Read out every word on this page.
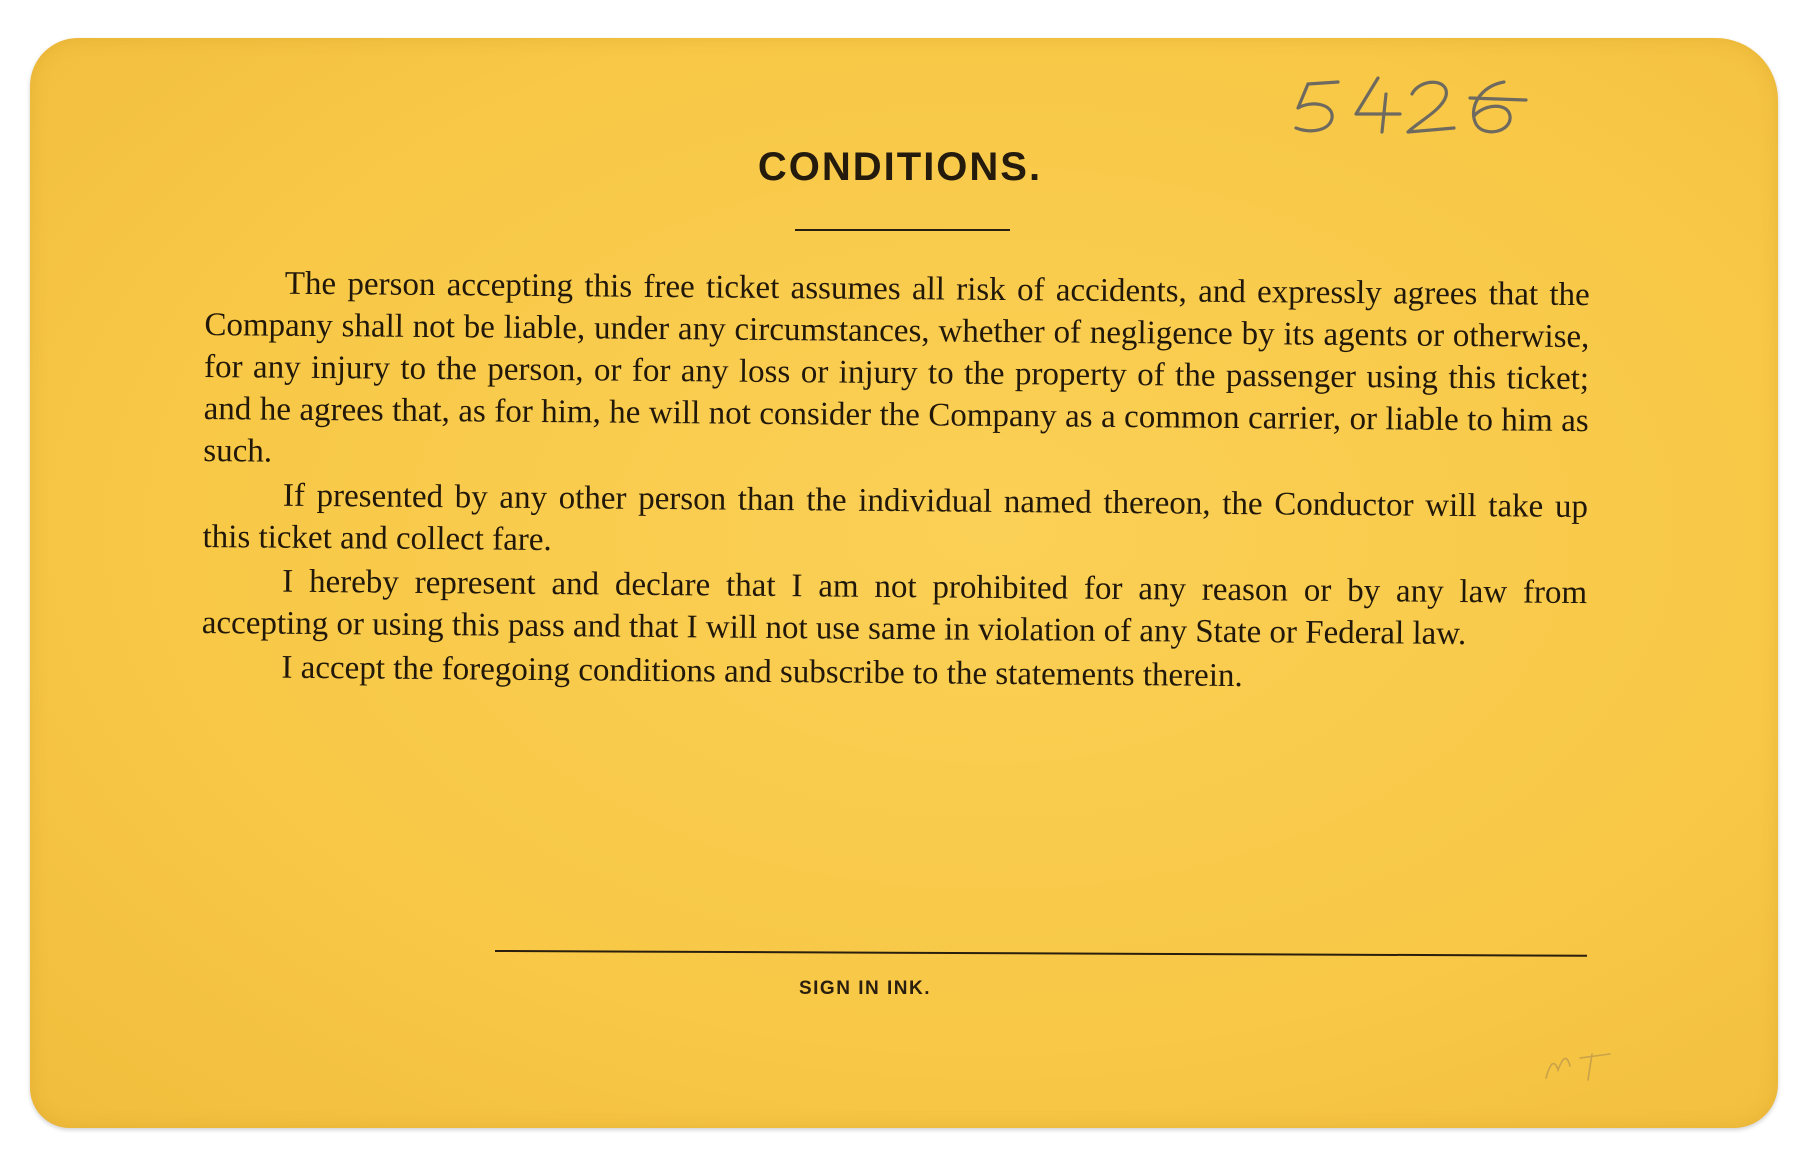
CONDITIONS.

The person accepting this free ticket assumes all risk of accidents, and expressly agrees that the Company shall not be liable, under any circumstances, whether of negligence by its agents or otherwise, for any injury to the person, or for any loss or injury to the property of the passenger using this ticket; and he agrees that, as for him, he will not consider the Company as a common carrier, or liable to him as such.

If presented by any other person than the individual named thereon, the Conductor will take up this ticket and collect fare.

I hereby represent and declare that I am not prohibited for any reason or by any law from accepting or using this pass and that I will not use same in violation of any State or Federal law.

I accept the foregoing conditions and subscribe to the statements therein.

SIGN IN INK.
